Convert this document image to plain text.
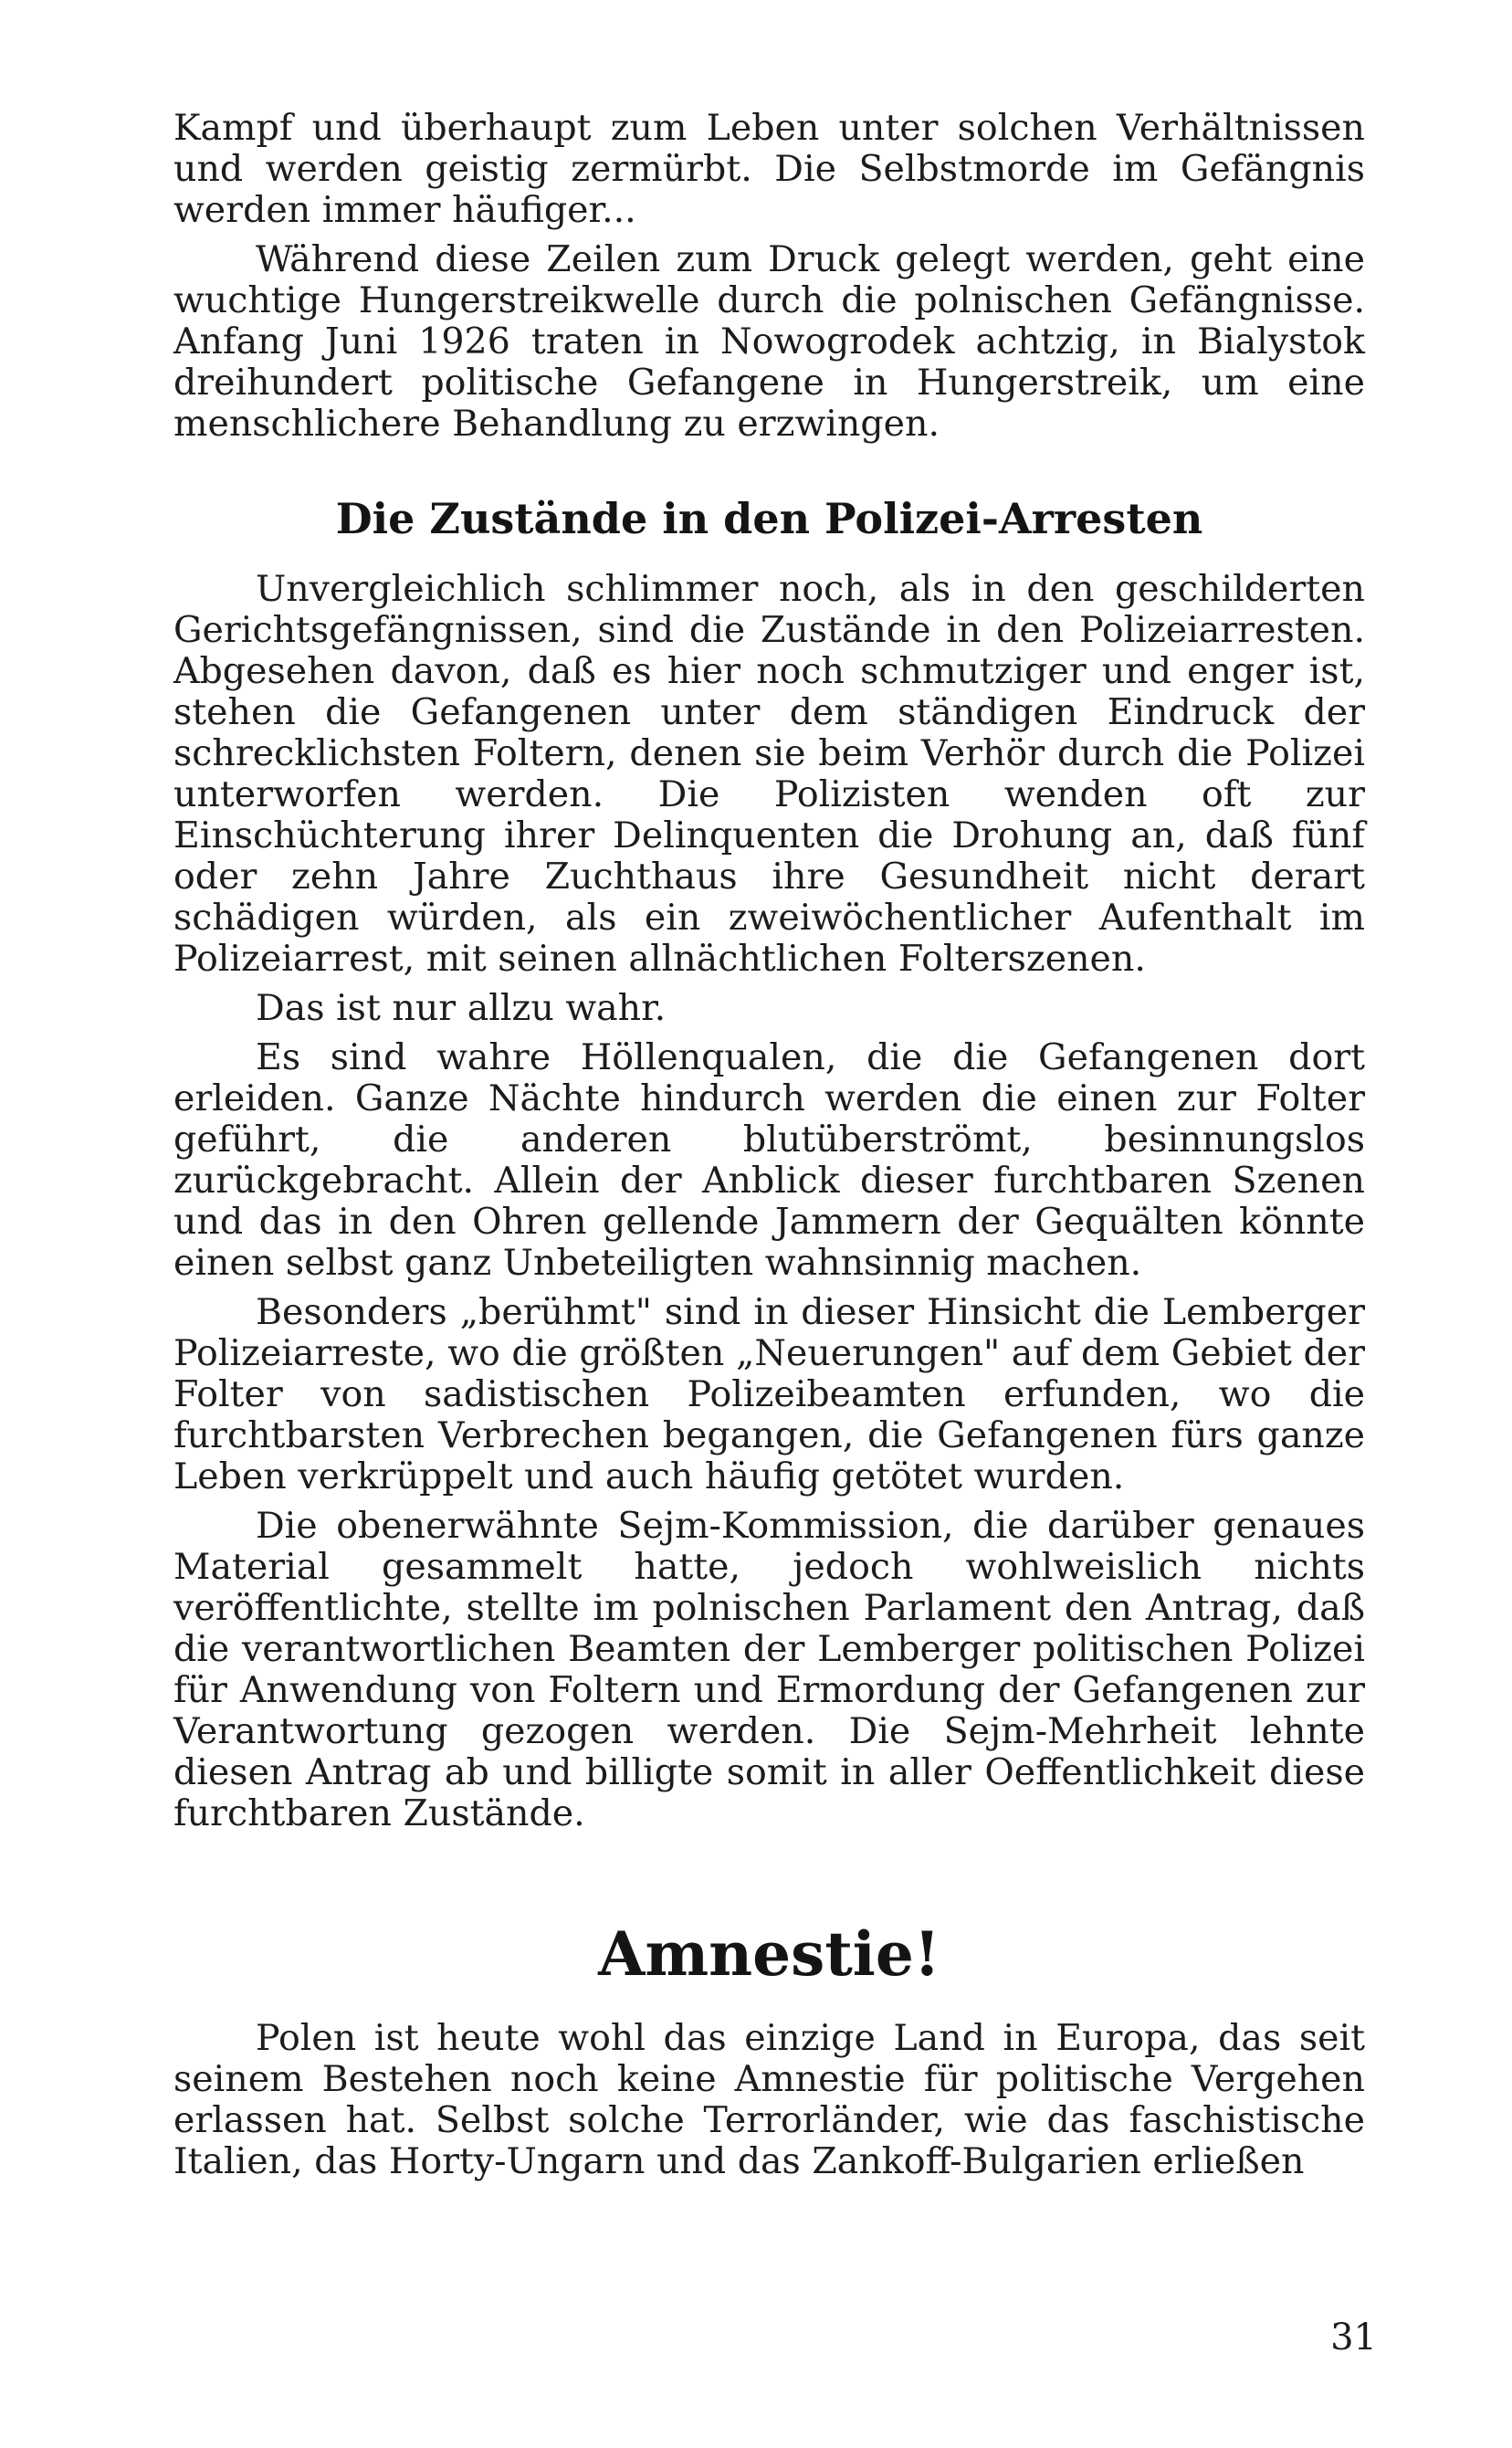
Kampf und überhaupt zum Leben unter solchen Verhältnissen und werden geistig zermürbt. Die Selbstmorde im Gefängnis werden immer häufiger...

Während diese Zeilen zum Druck gelegt werden, geht eine wuchtige Hungerstreikwelle durch die polnischen Gefängnisse. Anfang Juni 1926 traten in Nowogrodek achtzig, in Bialystok dreihundert politische Gefangene in Hungerstreik, um eine menschlichere Behandlung zu erzwingen.

Die Zustände in den Polizei-Arresten

Unvergleichlich schlimmer noch, als in den geschilderten Gerichtsgefängnissen, sind die Zustände in den Polizeiarresten. Abgesehen davon, daß es hier noch schmutziger und enger ist, stehen die Gefangenen unter dem ständigen Eindruck der schrecklichsten Foltern, denen sie beim Verhör durch die Polizei unterworfen werden. Die Polizisten wenden oft zur Einschüchterung ihrer Delinquenten die Drohung an, daß fünf oder zehn Jahre Zuchthaus ihre Gesundheit nicht derart schädigen würden, als ein zweiwöchentlicher Aufenthalt im Polizeiarrest, mit seinen allnächtlichen Folterszenen.

Das ist nur allzu wahr.

Es sind wahre Höllenqualen, die die Gefangenen dort erleiden. Ganze Nächte hindurch werden die einen zur Folter geführt, die anderen blutüberströmt, besinnungslos zurückgebracht. Allein der Anblick dieser furchtbaren Szenen und das in den Ohren gellende Jammern der Gequälten könnte einen selbst ganz Unbeteiligten wahnsinnig machen.

Besonders „berühmt" sind in dieser Hinsicht die Lemberger Polizeiarreste, wo die größten „Neuerungen" auf dem Gebiet der Folter von sadistischen Polizeibeamten erfunden, wo die furchtbarsten Verbrechen begangen, die Gefangenen fürs ganze Leben verkrüppelt und auch häufig getötet wurden.

Die obenerwähnte Sejm-Kommission, die darüber genaues Material gesammelt hatte, jedoch wohlweislich nichts veröffentlichte, stellte im polnischen Parlament den Antrag, daß die verantwortlichen Beamten der Lemberger politischen Polizei für Anwendung von Foltern und Ermordung der Gefangenen zur Verantwortung gezogen werden. Die Sejm-Mehrheit lehnte diesen Antrag ab und billigte somit in aller Oeffentlichkeit diese furchtbaren Zustände.

Amnestie!

Polen ist heute wohl das einzige Land in Europa, das seit seinem Bestehen noch keine Amnestie für politische Vergehen erlassen hat. Selbst solche Terrorländer, wie das faschistische Italien, das Horty-Ungarn und das Zankoff-Bulgarien erließen

31
